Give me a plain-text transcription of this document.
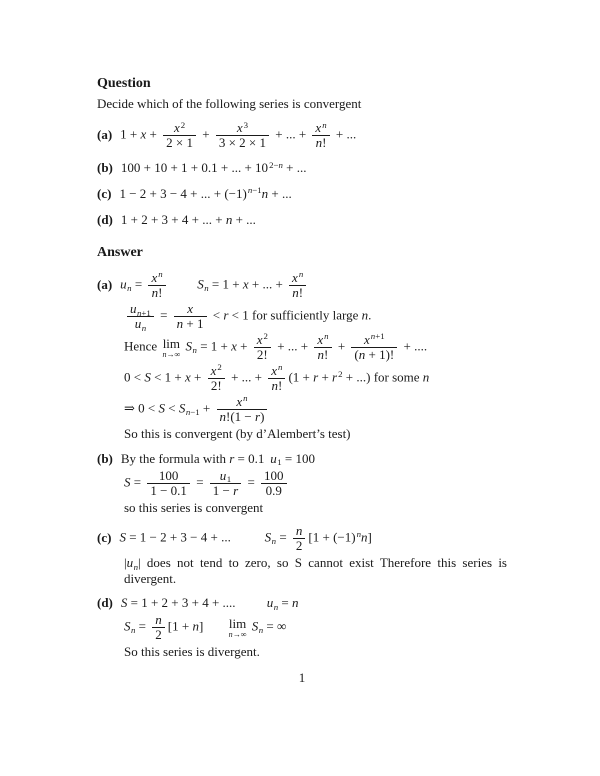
Question
Decide which of the following series is convergent
(a) $1 + x + \frac{x^2}{2 \times 1} + \frac{x^3}{3 \times 2 \times 1}$ + ... + $\frac{x^n}{n!}$ + ...
(b) 100 + 10 + 1 + 0.1 + ... + $10^{2-n}$ + ...
(c) 1 − 2 + 3 − 4 + ... + $(-1)^{n-1}n$ + ...
(d) 1 + 2 + 3 + 4 + ... + n + ...
Answer
(a) un = $\frac{x^n}{n!}$ Sn = 1 + x + ... + $\frac{x^n}{n!}$
$\frac{un+1}{un} = \frac{x}{n + 1} < r < 1$ for sufficiently large n.
Hence lim
n→∞
$Sn = 1 + x + \frac{x^2}{2!}$ + ... + $\frac{x^n}{n!} + \frac{x^{n+1}}{(n + 1)!}$ + ....
$0 < S < 1 + x + \frac{x^2}{2!}$ + ... + $\frac{x^n}{n!} (1 + r + r^2$ + ...) for some n
⇒ $0 < S < Sn-1 + \frac{x^n}{n!(1 - r)}$
So this is convergent (by d’Alembert’s test)
(b) By the formula with r = 0.1 u1 = 100
$S = \frac{100}{1 - 0.1} = \frac{u1}{1 - r} = \frac{100}{0.9}$
so this series is convergent
(c) S = 1 − 2 + 3 − 4 + ...	$Sn = \frac{n}{2} [1 + (-1)^nn]$
|un| does not tend to zero, so S cannot exist Therefore this series is divergent.
(d) S = 1 + 2 + 3 + 4 + .... un = n
$Sn = \frac{n}{2} [1 + n]$ lim
n→∞
Sn = ∞
So this series is divergent.
1
